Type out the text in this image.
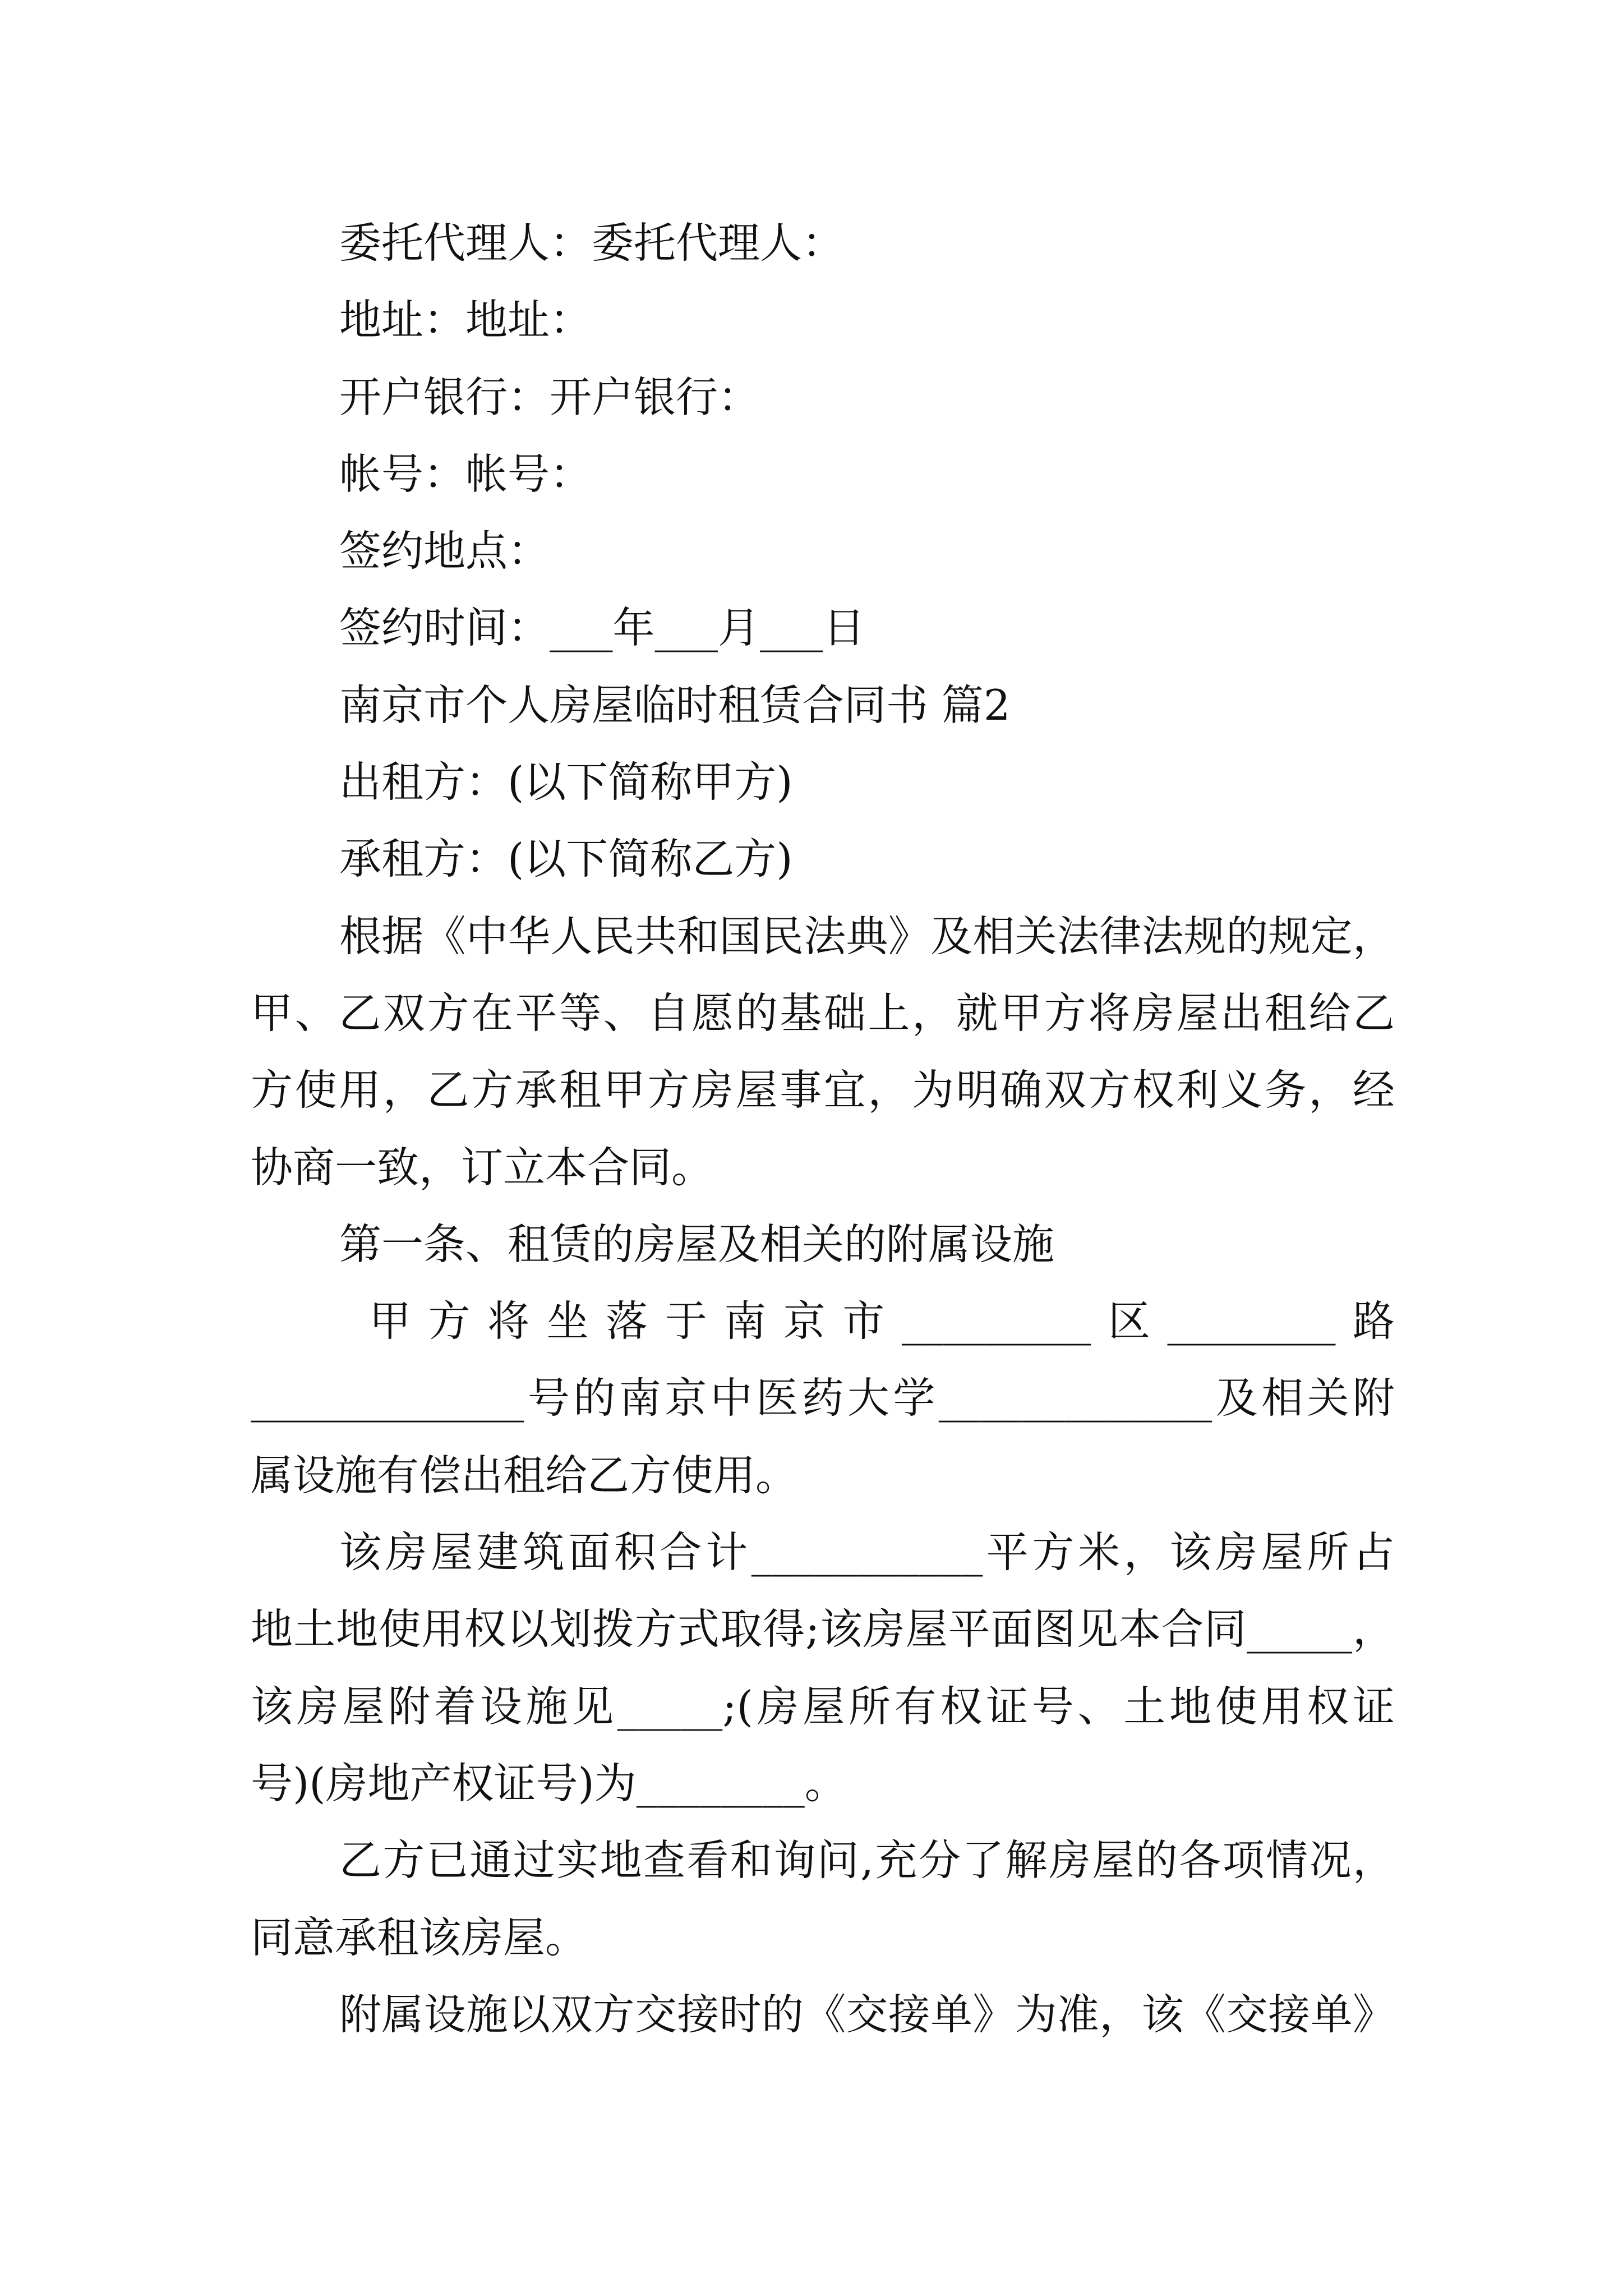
委托代理人：委托代理人：
地址：地址：
开户银行：开户银行：
帐号：帐号：
签约地点：
签约时间：___年___月___日
南京市个人房屋临时租赁合同书 篇2
出租方：(以下简称甲方)
承租方：(以下简称乙方)
根据《中华人民共和国民法典》及相关法律法规的规定，
甲、乙双方在平等、自愿的基础上，就甲方将房屋出租给乙
方使用，乙方承租甲方房屋事宜，为明确双方权利义务，经
协商一致，订立本合同。
第一条、租赁的房屋及相关的附属设施
甲方将坐落于南京市_________区________路
_____________号的南京中医药大学_____________及相关附
属设施有偿出租给乙方使用。
该房屋建筑面积合计___________平方米，该房屋所占
地土地使用权以划拨方式取得;该房屋平面图见本合同_____，
该房屋附着设施见_____;(房屋所有权证号、土地使用权证
号)(房地产权证号)为________。
乙方已通过实地查看和询问,充分了解房屋的各项情况，
同意承租该房屋。
附属设施以双方交接时的《交接单》为准，该《交接单》
